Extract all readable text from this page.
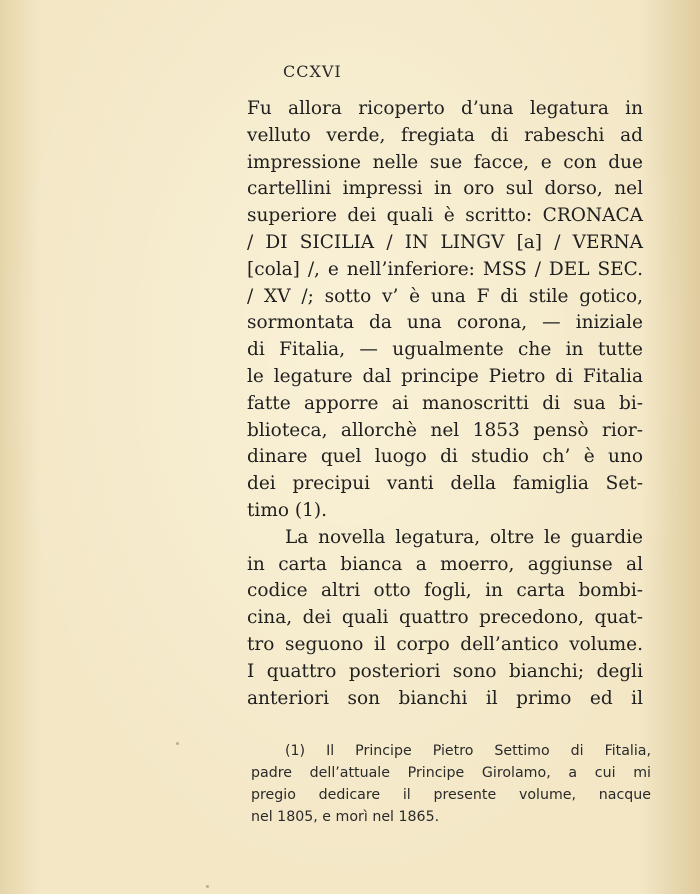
CCXVI
Fu allora ricoperto d’una legatura in
velluto verde, fregiata di rabeschi ad
impressione nelle sue facce, e con due
cartellini impressi in oro sul dorso, nel
superiore dei quali è scritto: CRONACA
/ DI SICILIA / IN LINGV [a] / VERNA
[cola] /, e nell’inferiore: MSS / DEL SEC.
/ XV /; sotto v’ è una F di stile gotico,
sormontata da una corona, — iniziale
di Fitalia, — ugualmente che in tutte
le legature dal principe Pietro di Fitalia
fatte apporre ai manoscritti di sua bi-
blioteca, allorchè nel 1853 pensò rior-
dinare quel luogo di studio ch’ è uno
dei precipui vanti della famiglia Set-
timo (1).
La novella legatura, oltre le guardie
in carta bianca a moerro, aggiunse al
codice altri otto fogli, in carta bombi-
cina, dei quali quattro precedono, quat-
tro seguono il corpo dell’antico volume.
I quattro posteriori sono bianchi; degli
anteriori son bianchi il primo ed il
(1) Il Principe Pietro Settimo di Fitalia,
padre dell’attuale Principe Girolamo, a cui mi
pregio dedicare il presente volume, nacque
nel 1805, e morì nel 1865.
